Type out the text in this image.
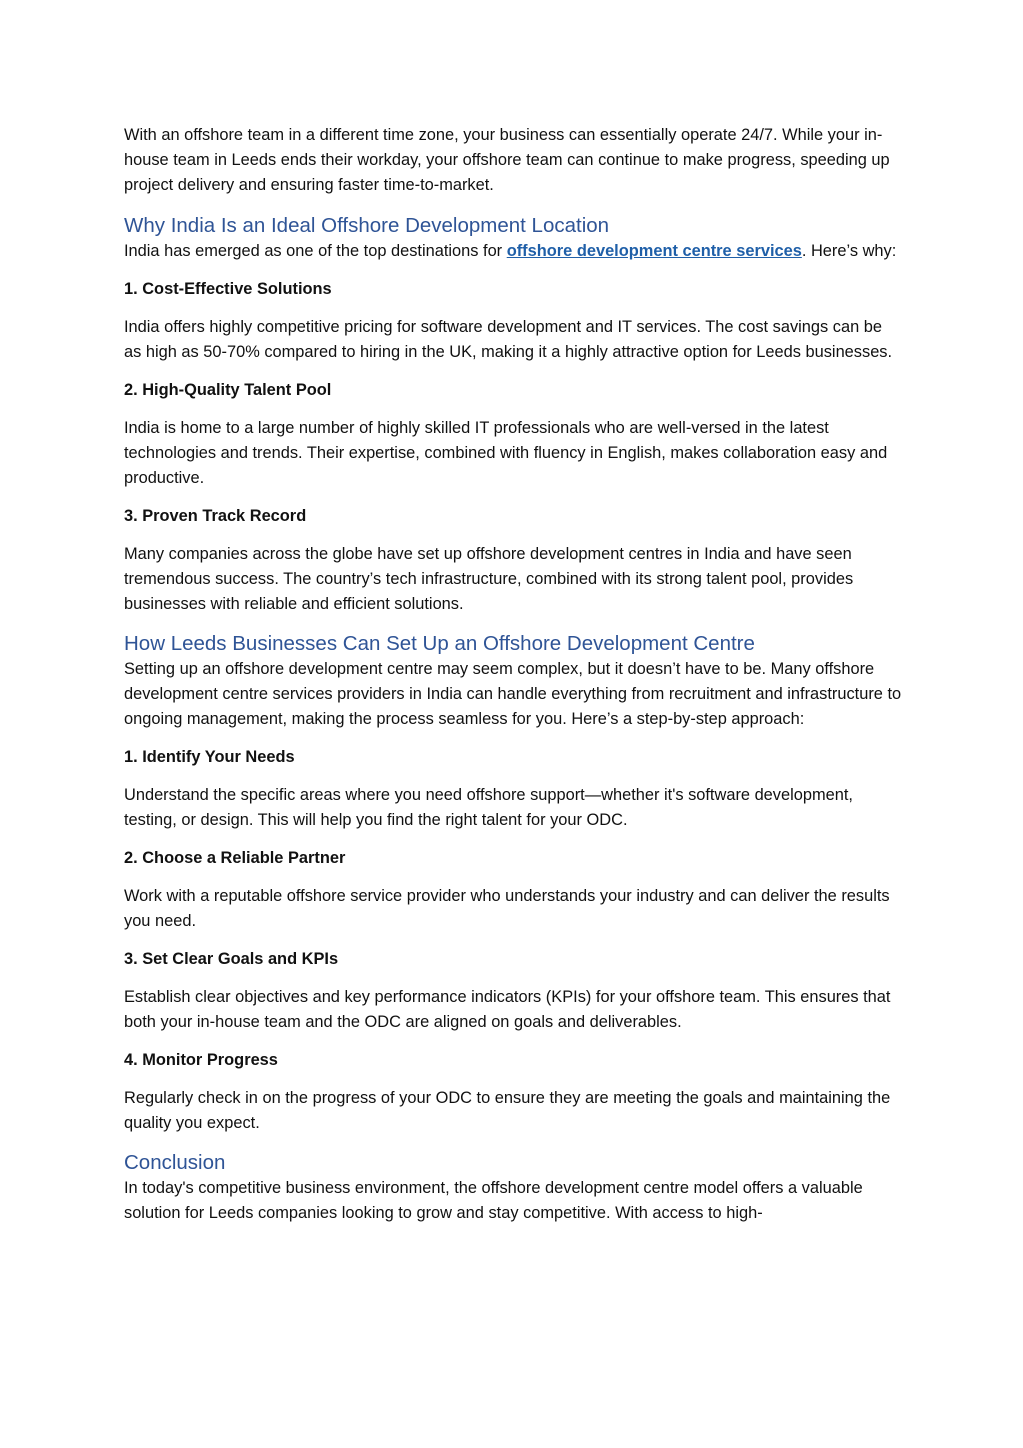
With an offshore team in a different time zone, your business can essentially operate 24/7. While your in-house team in Leeds ends their workday, your offshore team can continue to make progress, speeding up project delivery and ensuring faster time-to-market.

Why India Is an Ideal Offshore Development Location

India has emerged as one of the top destinations for offshore development centre services. Here’s why:

1. Cost-Effective Solutions

India offers highly competitive pricing for software development and IT services. The cost savings can be as high as 50-70% compared to hiring in the UK, making it a highly attractive option for Leeds businesses.

2. High-Quality Talent Pool

India is home to a large number of highly skilled IT professionals who are well-versed in the latest technologies and trends. Their expertise, combined with fluency in English, makes collaboration easy and productive.

3. Proven Track Record

Many companies across the globe have set up offshore development centres in India and have seen tremendous success. The country’s tech infrastructure, combined with its strong talent pool, provides businesses with reliable and efficient solutions.

How Leeds Businesses Can Set Up an Offshore Development Centre

Setting up an offshore development centre may seem complex, but it doesn’t have to be. Many offshore development centre services providers in India can handle everything from recruitment and infrastructure to ongoing management, making the process seamless for you. Here’s a step-by-step approach:

1. Identify Your Needs

Understand the specific areas where you need offshore support—whether it's software development, testing, or design. This will help you find the right talent for your ODC.

2. Choose a Reliable Partner

Work with a reputable offshore service provider who understands your industry and can deliver the results you need.

3. Set Clear Goals and KPIs

Establish clear objectives and key performance indicators (KPIs) for your offshore team. This ensures that both your in-house team and the ODC are aligned on goals and deliverables.

4. Monitor Progress

Regularly check in on the progress of your ODC to ensure they are meeting the goals and maintaining the quality you expect.

Conclusion

In today's competitive business environment, the offshore development centre model offers a valuable solution for Leeds companies looking to grow and stay competitive. With access to high-
